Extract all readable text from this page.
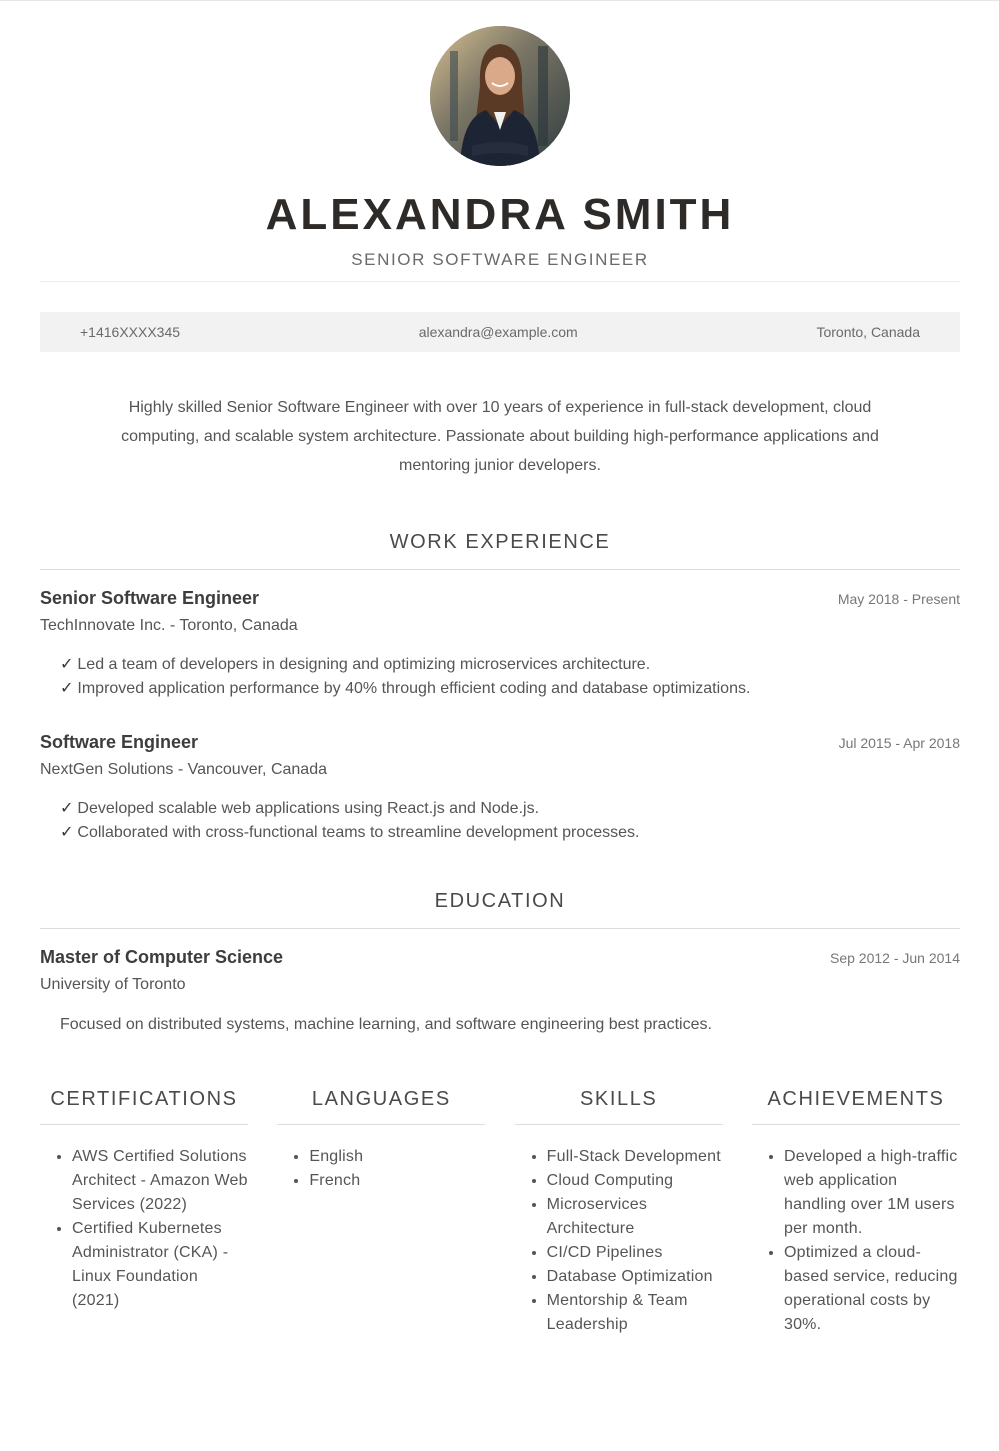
ALEXANDRA SMITH
SENIOR SOFTWARE ENGINEER
+1416XXXX345	alexandra@example.com	Toronto, Canada

Highly skilled Senior Software Engineer with over 10 years of experience in full-stack development, cloud computing, and scalable system architecture. Passionate about building high-performance applications and mentoring junior developers.

WORK EXPERIENCE
Senior Software Engineer	May 2018 - Present
TechInnovate Inc. - Toronto, Canada
✓ Led a team of developers in designing and optimizing microservices architecture.
✓ Improved application performance by 40% through efficient coding and database optimizations.
Software Engineer	Jul 2015 - Apr 2018
NextGen Solutions - Vancouver, Canada
✓ Developed scalable web applications using React.js and Node.js.
✓ Collaborated with cross-functional teams to streamline development processes.
EDUCATION
Master of Computer Science	Sep 2012 - Jun 2014
University of Toronto
Focused on distributed systems, machine learning, and software engineering best practices.
CERTIFICATIONS
• AWS Certified Solutions Architect - Amazon Web Services (2022)
• Certified Kubernetes Administrator (CKA) - Linux Foundation (2021)
LANGUAGES
• English
• French
SKILLS
• Full-Stack Development
• Cloud Computing
• Microservices Architecture
• CI/CD Pipelines
• Database Optimization
• Mentorship & Team Leadership
ACHIEVEMENTS
• Developed a high-traffic web application handling over 1M users per month.
• Optimized a cloud-based service, reducing operational costs by 30%.
